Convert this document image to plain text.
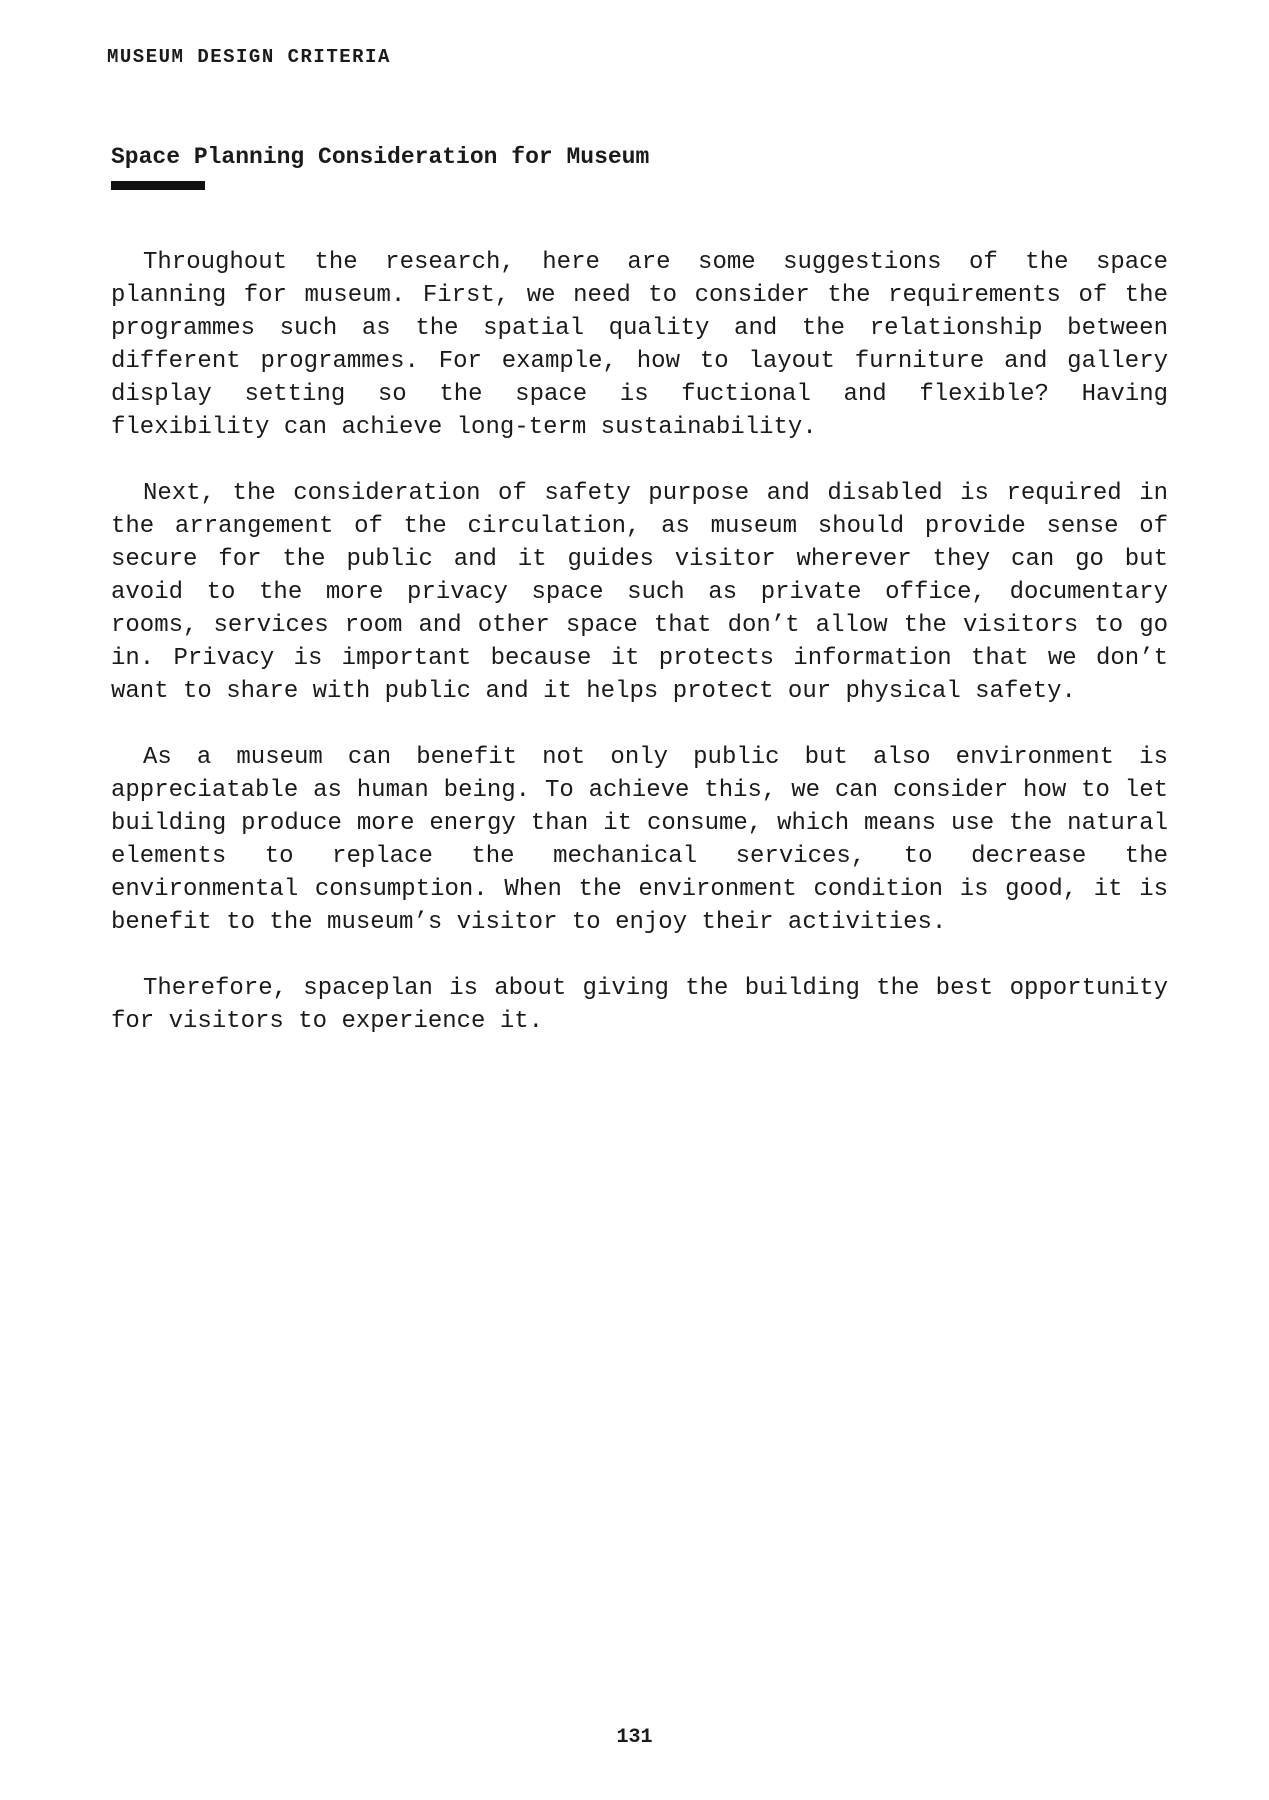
MUSEUM DESIGN CRITERIA
Space Planning Consideration for Museum

Throughout the research, here are some suggestions of the space planning for museum. First, we need to consider the requirements of the programmes such as the spatial quality and the relationship between different programmes. For example, how to layout furniture and gallery display setting so the space is fuctional and flexible? Having flexibility can achieve long-term sustainability.

Next, the consideration of safety purpose and disabled is required in the arrangement of the circulation, as museum should provide sense of secure for the public and it guides visitor wherever they can go but avoid to the more privacy space such as private office, documentary rooms, services room and other space that don’t allow the visitors to go in. Privacy is important because it protects information that we don’t want to share with public and it helps protect our physical safety.

As a museum can benefit not only public but also environment is appreciatable as human being. To achieve this, we can consider how to let building produce more energy than it consume, which means use the natural elements to replace the mechanical services, to decrease the environmental consumption. When the environment condition is good, it is benefit to the museum’s visitor to enjoy their activities.

Therefore, spaceplan is about giving the building the best opportunity for visitors to experience it.

131
